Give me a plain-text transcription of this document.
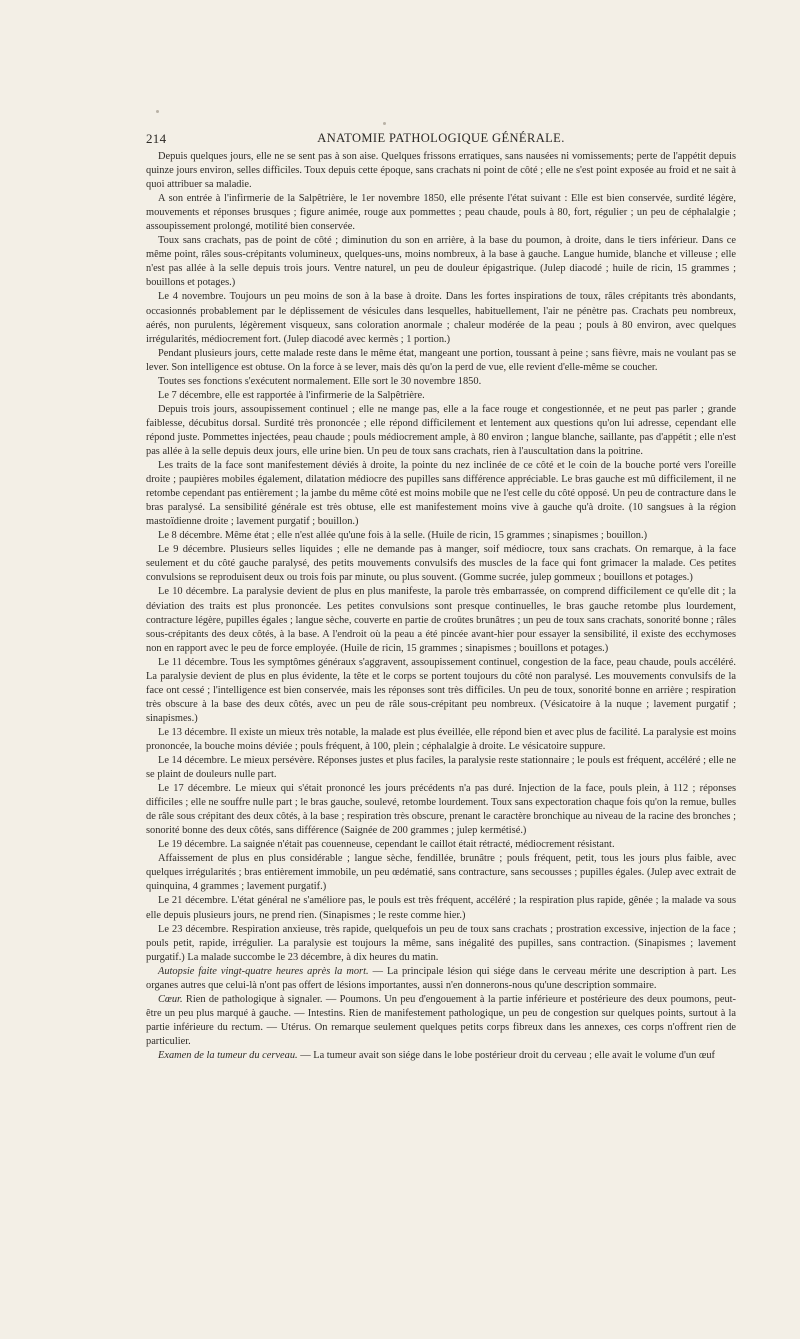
214	ANATOMIE PATHOLOGIQUE GÉNÉRALE.

Depuis quelques jours, elle ne se sent pas à son aise. Quelques frissons erratiques, sans nausées ni vomissements; perte de l'appétit depuis quinze jours environ, selles difficiles. Toux depuis cette époque, sans crachats ni point de côté ; elle ne s'est point exposée au froid et ne sait à quoi attribuer sa maladie.

A son entrée à l'infirmerie de la Salpêtrière, le 1er novembre 1850, elle présente l'état suivant : Elle est bien conservée, surdité légère, mouvements et réponses brusques ; figure animée, rouge aux pommettes ; peau chaude, pouls à 80, fort, régulier ; un peu de céphalalgie ; assoupissement prolongé, motilité bien conservée.

Toux sans crachats, pas de point de côté ; diminution du son en arrière, à la base du poumon, à droite, dans le tiers inférieur. Dans ce même point, râles sous-crépitants volumineux, quelques-uns, moins nombreux, à la base à gauche. Langue humide, blanche et villeuse ; elle n'est pas allée à la selle depuis trois jours. Ventre naturel, un peu de douleur épigastrique. (Julep diacodé ; huile de ricin, 15 grammes ; bouillons et potages.)

Le 4 novembre. Toujours un peu moins de son à la base à droite. Dans les fortes inspirations de toux, râles crépitants très abondants, occasionnés probablement par le déplissement de vésicules dans lesquelles, habituellement, l'air ne pénètre pas. Crachats peu nombreux, aérés, non purulents, légèrement visqueux, sans coloration anormale ; chaleur modérée de la peau ; pouls à 80 environ, avec quelques irrégularités, médiocrement fort. (Julep diacodé avec kermès ; 1 portion.)

Pendant plusieurs jours, cette malade reste dans le même état, mangeant une portion, toussant à peine ; sans fièvre, mais ne voulant pas se lever. Son intelligence est obtuse. On la force à se lever, mais dès qu'on la perd de vue, elle revient d'elle-même se coucher.

Toutes ses fonctions s'exécutent normalement. Elle sort le 30 novembre 1850.

Le 7 décembre, elle est rapportée à l'infirmerie de la Salpêtrière.

Depuis trois jours, assoupissement continuel ; elle ne mange pas, elle a la face rouge et congestionnée, et ne peut pas parler ; grande faiblesse, décubitus dorsal. Surdité très prononcée ; elle répond difficilement et lentement aux questions qu'on lui adresse, cependant elle répond juste. Pommettes injectées, peau chaude ; pouls médiocrement ample, à 80 environ ; langue blanche, saillante, pas d'appétit ; elle n'est pas allée à la selle depuis deux jours, elle urine bien. Un peu de toux sans crachats, rien à l'auscultation dans la poitrine.

Les traits de la face sont manifestement déviés à droite, la pointe du nez inclinée de ce côté et le coin de la bouche porté vers l'oreille droite ; paupières mobiles également, dilatation médiocre des pupilles sans différence appréciable. Le bras gauche est mû difficilement, il ne retombe cependant pas entièrement ; la jambe du même côté est moins mobile que ne l'est celle du côté opposé. Un peu de contracture dans le bras paralysé. La sensibilité générale est très obtuse, elle est manifestement moins vive à gauche qu'à droite. (10 sangsues à la région mastoïdienne droite ; lavement purgatif ; bouillon.)

Le 8 décembre. Même état ; elle n'est allée qu'une fois à la selle. (Huile de ricin, 15 grammes ; sinapismes ; bouillon.)

Le 9 décembre. Plusieurs selles liquides ; elle ne demande pas à manger, soif médiocre, toux sans crachats. On remarque, à la face seulement et du côté gauche paralysé, des petits mouvements convulsifs des muscles de la face qui font grimacer la malade. Ces petites convulsions se reproduisent deux ou trois fois par minute, ou plus souvent. (Gomme sucrée, julep gommeux ; bouillons et potages.)

Le 10 décembre. La paralysie devient de plus en plus manifeste, la parole très embarrassée, on comprend difficilement ce qu'elle dit ; la déviation des traits est plus prononcée. Les petites convulsions sont presque continuelles, le bras gauche retombe plus lourdement, contracture légère, pupilles égales ; langue sèche, couverte en partie de croûtes brunâtres ; un peu de toux sans crachats, sonorité bonne ; râles sous-crépitants des deux côtés, à la base. A l'endroit où la peau a été pincée avant-hier pour essayer la sensibilité, il existe des ecchymoses non en rapport avec le peu de force employée. (Huile de ricin, 15 grammes ; sinapismes ; bouillons et potages.)

Le 11 décembre. Tous les symptômes généraux s'aggravent, assoupissement continuel, congestion de la face, peau chaude, pouls accéléré. La paralysie devient de plus en plus évidente, la tête et le corps se portent toujours du côté non paralysé. Les mouvements convulsifs de la face ont cessé ; l'intelligence est bien conservée, mais les réponses sont très difficiles. Un peu de toux, sonorité bonne en arrière ; respiration très obscure à la base des deux côtés, avec un peu de râle sous-crépitant peu nombreux. (Vésicatoire à la nuque ; lavement purgatif ; sinapismes.)

Le 13 décembre. Il existe un mieux très notable, la malade est plus éveillée, elle répond bien et avec plus de facilité. La paralysie est moins prononcée, la bouche moins déviée ; pouls fréquent, à 100, plein ; céphalalgie à droite. Le vésicatoire suppure.

Le 14 décembre. Le mieux persévère. Réponses justes et plus faciles, la paralysie reste stationnaire ; le pouls est fréquent, accéléré ; elle ne se plaint de douleurs nulle part.

Le 17 décembre. Le mieux qui s'était prononcé les jours précédents n'a pas duré. Injection de la face, pouls plein, à 112 ; réponses difficiles ; elle ne souffre nulle part ; le bras gauche, soulevé, retombe lourdement. Toux sans expectoration chaque fois qu'on la remue, bulles de râle sous crépitant des deux côtés, à la base ; respiration très obscure, prenant le caractère bronchique au niveau de la racine des bronches ; sonorité bonne des deux côtés, sans différence (Saignée de 200 grammes ; julep kermétisé.)

Le 19 décembre. La saignée n'était pas couenneuse, cependant le caillot était rétracté, médiocrement résistant.

Affaissement de plus en plus considérable ; langue sèche, fendillée, brunâtre ; pouls fréquent, petit, tous les jours plus faible, avec quelques irrégularités ; bras entièrement immobile, un peu œdématié, sans contracture, sans secousses ; pupilles égales. (Julep avec extrait de quinquina, 4 grammes ; lavement purgatif.)

Le 21 décembre. L'état général ne s'améliore pas, le pouls est très fréquent, accéléré ; la respiration plus rapide, gênée ; la malade va sous elle depuis plusieurs jours, ne prend rien. (Sinapismes ; le reste comme hier.)

Le 23 décembre. Respiration anxieuse, très rapide, quelquefois un peu de toux sans crachats ; prostration excessive, injection de la face ; pouls petit, rapide, irrégulier. La paralysie est toujours la même, sans inégalité des pupilles, sans contraction. (Sinapismes ; lavement purgatif.) La malade succombe le 23 décembre, à dix heures du matin.

Autopsie faite vingt-quatre heures après la mort. — La principale lésion qui siége dans le cerveau mérite une description à part. Les organes autres que celui-là n'ont pas offert de lésions importantes, aussi n'en donnerons-nous qu'une description sommaire.

Cœur. Rien de pathologique à signaler. — Poumons. Un peu d'engouement à la partie inférieure et postérieure des deux poumons, peut-être un peu plus marqué à gauche. — Intestins. Rien de manifestement pathologique, un peu de congestion sur quelques points, surtout à la partie inférieure du rectum. — Utérus. On remarque seulement quelques petits corps fibreux dans les annexes, ces corps n'offrent rien de particulier.

Examen de la tumeur du cerveau. — La tumeur avait son siége dans le lobe postérieur droit du cerveau ; elle avait le volume d'un œuf
